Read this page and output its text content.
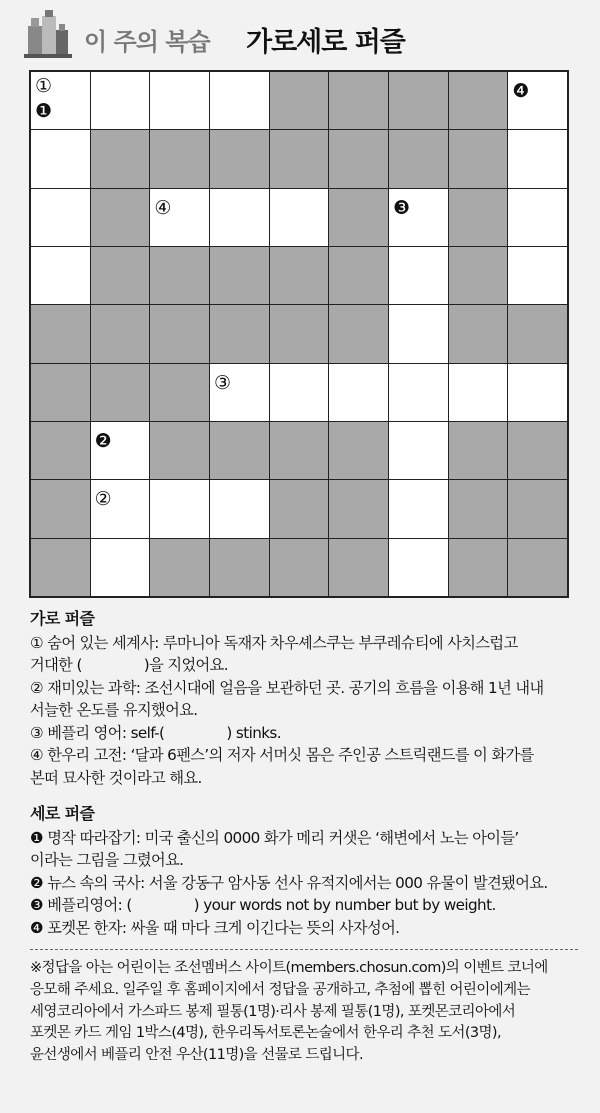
이 주의 복습 가로세로 퍼즐
①
❶
❹
④	❸
③
❷
②

가로 퍼즐

① 숨어 있는 세계사: 루마니아 독재자 차우셰스쿠는 부쿠레슈티에 사치스럽고

거대한 (	)을 지었어요.

② 재미있는 과학: 조선시대에 얼음을 보관하던 곳. 공기의 흐름을 이용해 1년 내내

서늘한 온도를 유지했어요.

③ 베플리 영어: self-(	) stinks.

④ 한우리 고전: ‘달과 6펜스’의 저자 서머싯 몸은 주인공 스트릭랜드를 이 화가를

본떠 묘사한 것이라고 해요.

세로 퍼즐

❶ 명작 따라잡기: 미국 출신의 0000 화가 메리 커샛은 ‘해변에서 노는 아이들’

이라는 그림을 그렸어요.

❷ 뉴스 속의 국사: 서울 강동구 암사동 선사 유적지에서는 000 유물이 발견됐어요.

❸ 베플리영어: (	) your words not by number but by weight.

❹ 포켓몬 한자: 싸울 때 마다 크게 이긴다는 뜻의 사자성어.

※정답을 아는 어린이는 조선멤버스 사이트(members.chosun.com)의 이벤트 코너에

응모해 주세요. 일주일 후 홈페이지에서 정답을 공개하고, 추첨에 뽑힌 어린이에게는

세영코리아에서 가스파드 봉제 필통(1명)·리사 봉제 필통(1명), 포켓몬코리아에서

포켓몬 카드 게임 1박스(4명), 한우리독서토론논술에서 한우리 추천 도서(3명),

윤선생에서 베플리 안전 우산(11명)을 선물로 드립니다.
